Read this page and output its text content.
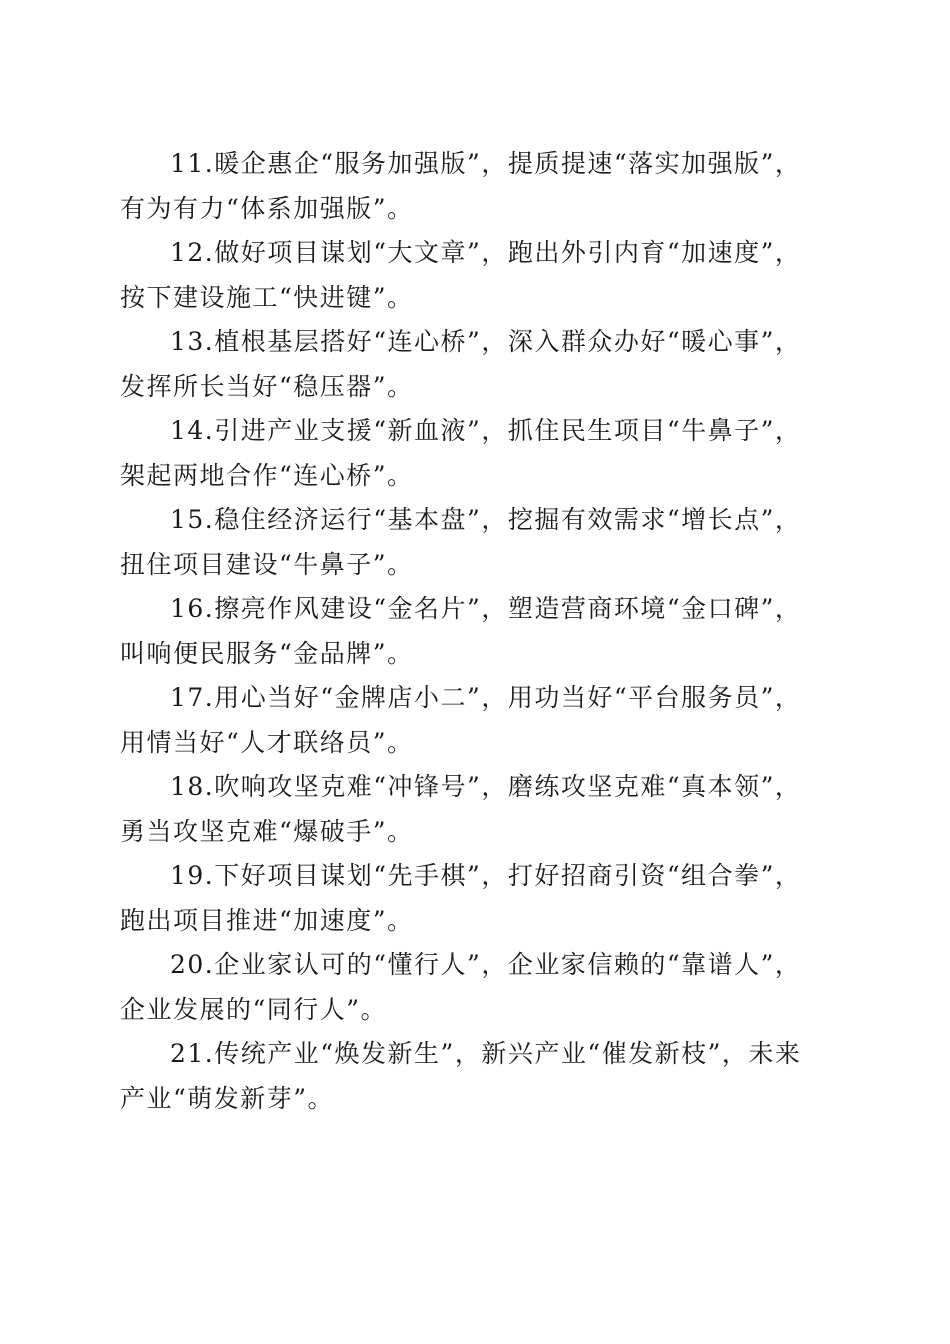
11.暖企惠企“服务加强版”，提质提速“落实加强版”，
有为有力“体系加强版”。
12.做好项目谋划“大文章”，跑出外引内育“加速度”，
按下建设施工“快进键”。
13.植根基层搭好“连心桥”，深入群众办好“暖心事”，
发挥所长当好“稳压器”。
14.引进产业支援“新血液”，抓住民生项目“牛鼻子”，
架起两地合作“连心桥”。
15.稳住经济运行“基本盘”，挖掘有效需求“增长点”，
扭住项目建设“牛鼻子”。
16.擦亮作风建设“金名片”，塑造营商环境“金口碑”，
叫响便民服务“金品牌”。
17.用心当好“金牌店小二”，用功当好“平台服务员”，
用情当好“人才联络员”。
18.吹响攻坚克难“冲锋号”，磨练攻坚克难“真本领”，
勇当攻坚克难“爆破手”。
19.下好项目谋划“先手棋”，打好招商引资“组合拳”，
跑出项目推进“加速度”。
20.企业家认可的“懂行人”，企业家信赖的“靠谱人”，
企业发展的“同行人”。
21.传统产业“焕发新生”，新兴产业“催发新枝”，未来
产业“萌发新芽”。
